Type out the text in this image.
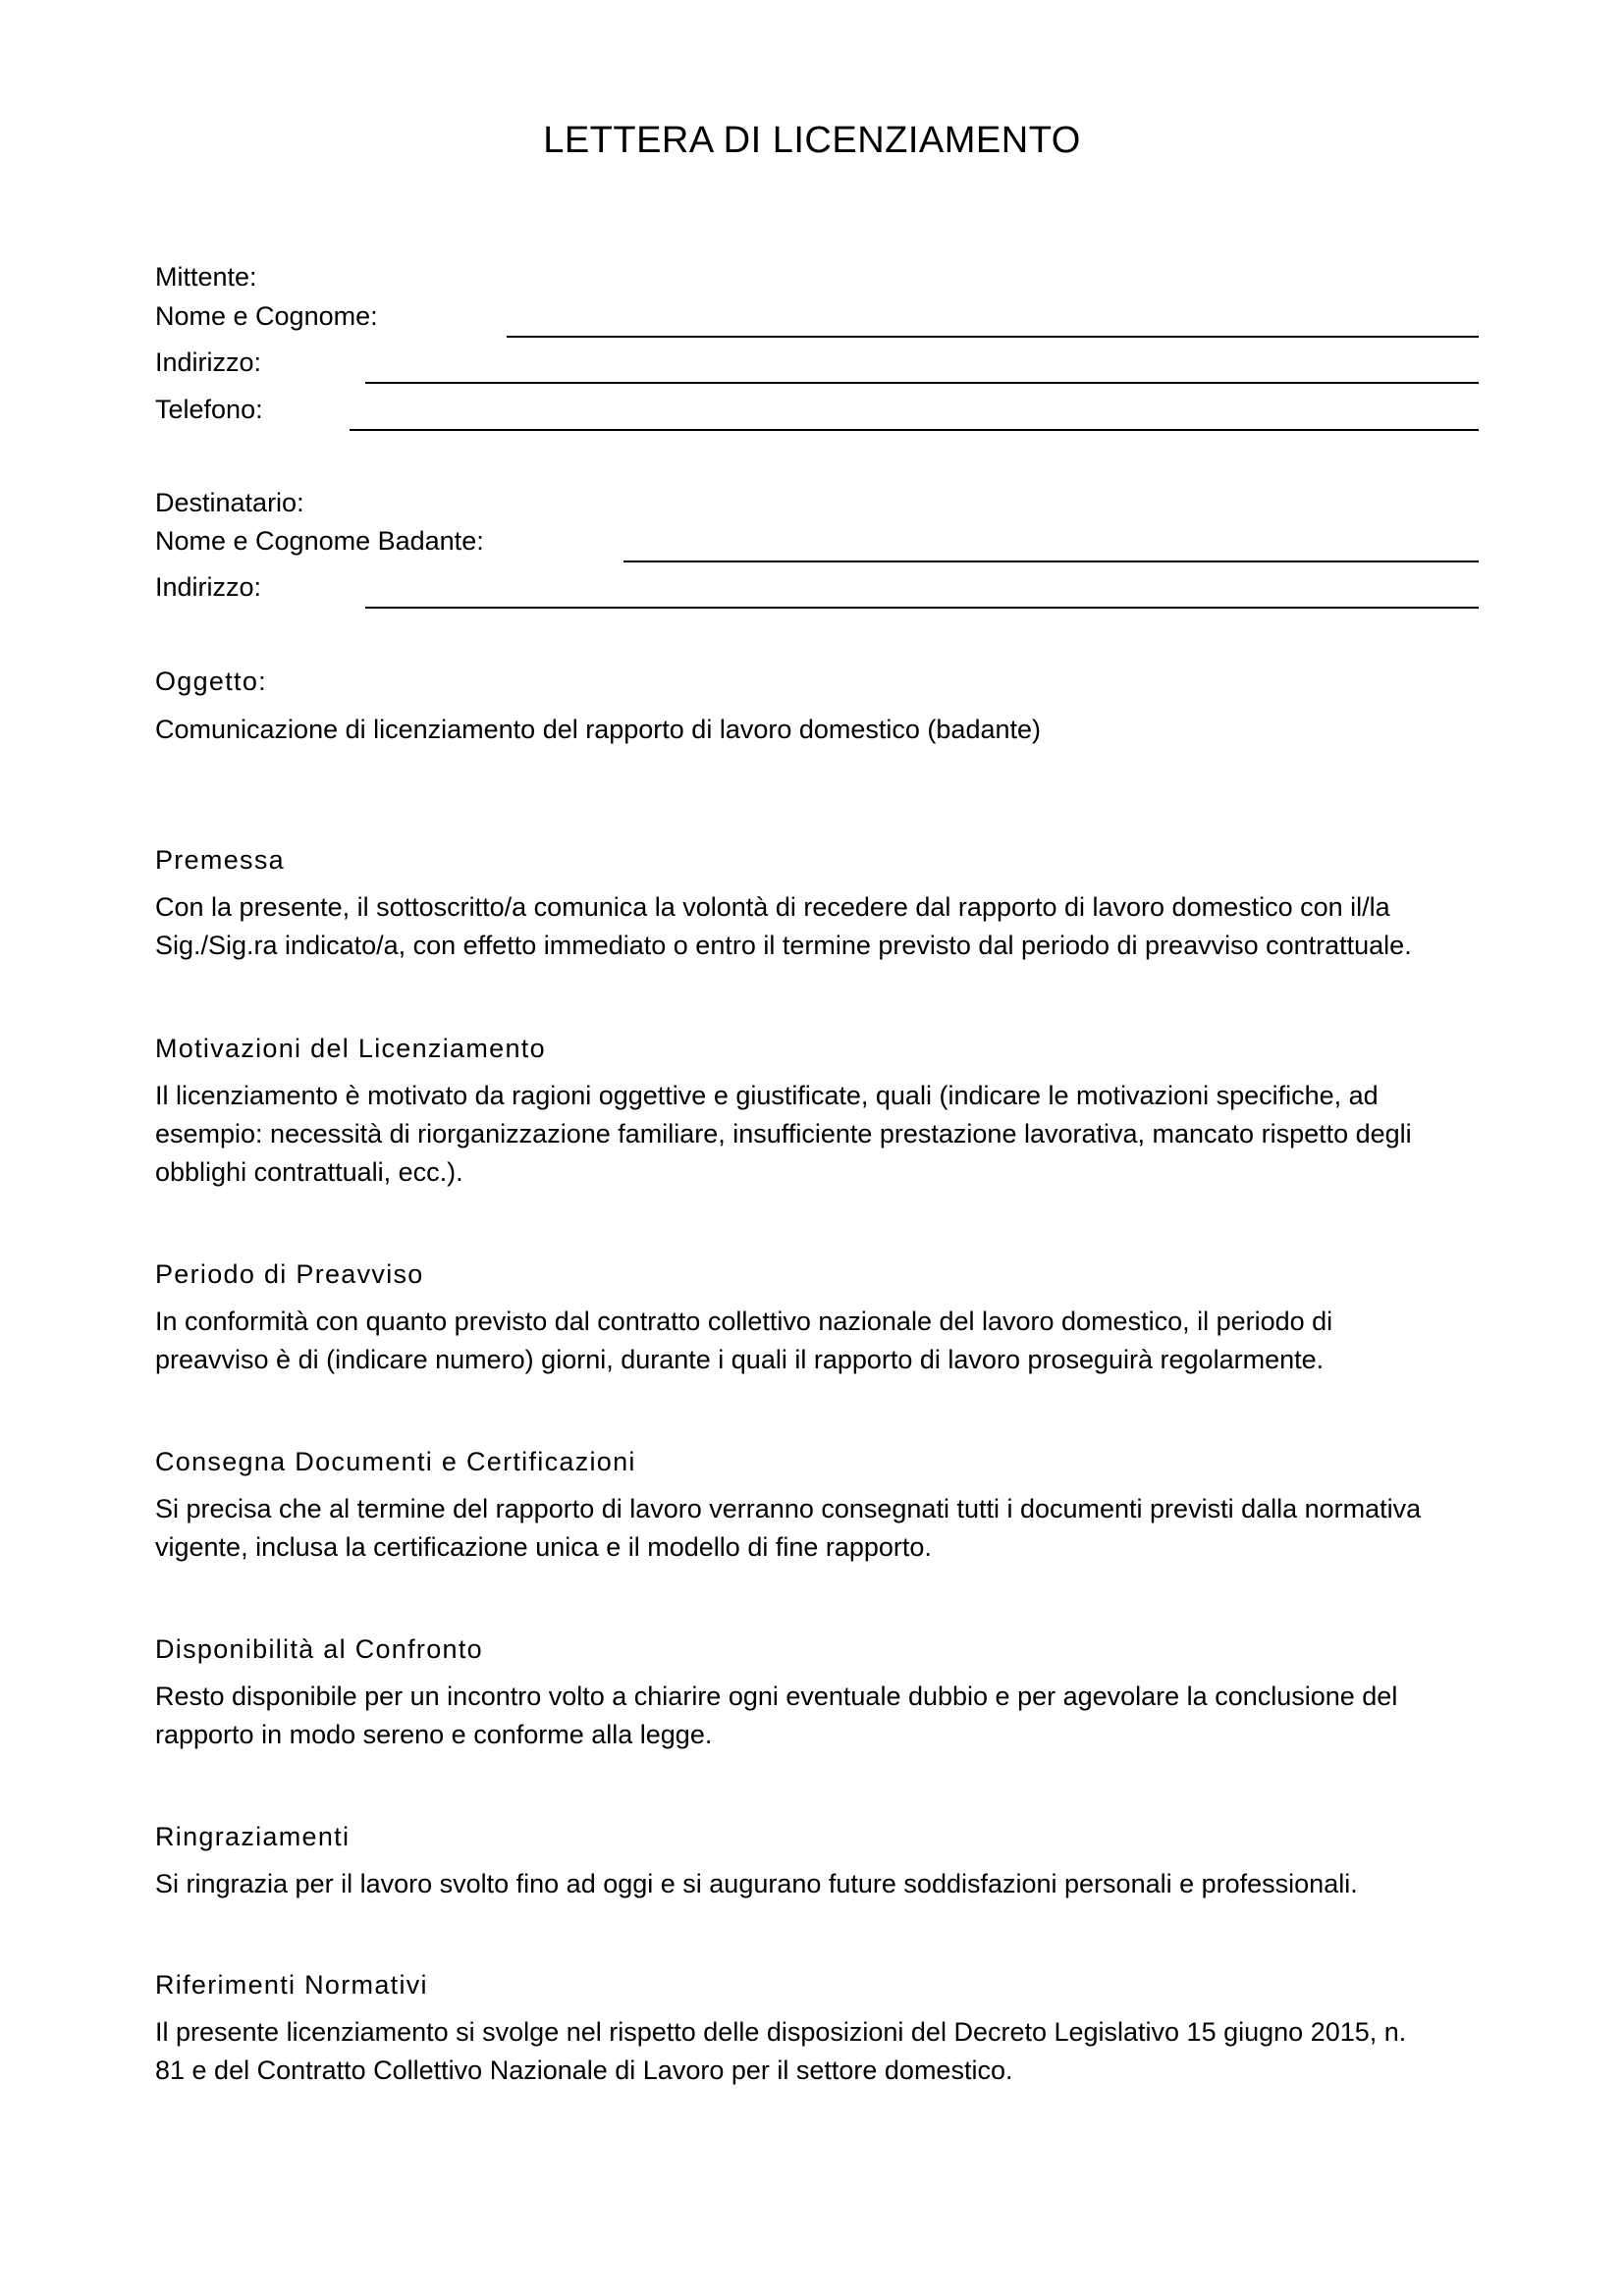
LETTERA DI LICENZIAMENTO
Mittente:
Nome e Cognome:
Indirizzo:
Telefono:
Destinatario:
Nome e Cognome Badante:
Indirizzo:
Oggetto:
Comunicazione di licenziamento del rapporto di lavoro domestico (badante)
Premessa
Con la presente, il sottoscritto/a comunica la volontà di recedere dal rapporto di lavoro domestico con il/la
Sig./Sig.ra indicato/a, con effetto immediato o entro il termine previsto dal periodo di preavviso contrattuale.
Motivazioni del Licenziamento
Il licenziamento è motivato da ragioni oggettive e giustificate, quali (indicare le motivazioni specifiche, ad
esempio: necessità di riorganizzazione familiare, insufficiente prestazione lavorativa, mancato rispetto degli
obblighi contrattuali, ecc.).
Periodo di Preavviso
In conformità con quanto previsto dal contratto collettivo nazionale del lavoro domestico, il periodo di
preavviso è di (indicare numero) giorni, durante i quali il rapporto di lavoro proseguirà regolarmente.
Consegna Documenti e Certificazioni
Si precisa che al termine del rapporto di lavoro verranno consegnati tutti i documenti previsti dalla normativa
vigente, inclusa la certificazione unica e il modello di fine rapporto.
Disponibilità al Confronto
Resto disponibile per un incontro volto a chiarire ogni eventuale dubbio e per agevolare la conclusione del
rapporto in modo sereno e conforme alla legge.
Ringraziamenti
Si ringrazia per il lavoro svolto fino ad oggi e si augurano future soddisfazioni personali e professionali.
Riferimenti Normativi
Il presente licenziamento si svolge nel rispetto delle disposizioni del Decreto Legislativo 15 giugno 2015, n.
81 e del Contratto Collettivo Nazionale di Lavoro per il settore domestico.
